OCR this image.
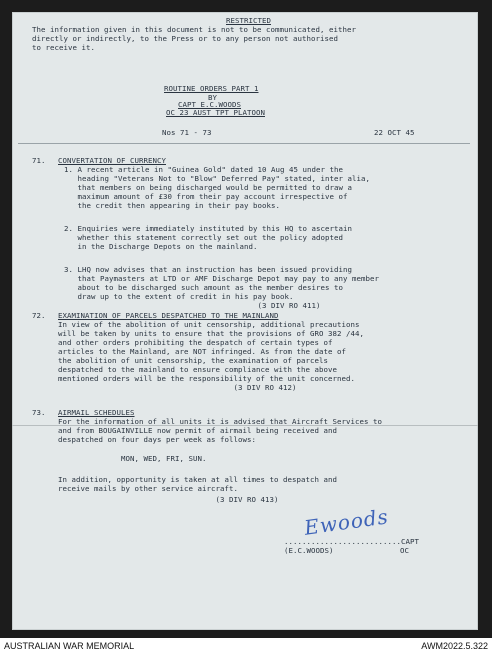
RESTRICTED
The information given in this document is not to be communicated, either
directly or indirectly, to the Press or to any person not authorised
to receive it.
ROUTINE ORDERS PART 1
BY
CAPT E.C.WOODS
OC 23 AUST TPT PLATOON
Nos 71 - 73	22 OCT 45
71. CONVERTATION OF CURRENCY
1. A recent article in "Guinea Gold" dated 10 Aug 45 under the
heading "Veterans Not to "Blow" Deferred Pay" stated, inter alia,
that members on being discharged would be permitted to draw a
maximum amount of £30 from their pay account irrespective of
the credit then appearing in their pay books.
2. Enquiries were immediately instituted by this HQ to ascertain
whether this statement correctly set out the policy adopted
in the Discharge Depots on the mainland.
3. LHQ now advises that an instruction has been issued providing
that Paymasters at LTD or AMF Discharge Depot may pay to any member
about to be discharged such amount as the member desires to
draw up to the extent of credit in his pay book.
(3 DIV RO 411)
72. EXAMINATION OF PARCELS DESPATCHED TO THE MAINLAND
In view of the abolition of unit censorship, additional precautions
will be taken by units to ensure that the provisions of GRO 382 /44,
and other orders prohibiting the despatch of certain types of
articles to the Mainland, are NOT infringed. As from the date of
the abolition of unit censorship, the examination of parcels
despatched to the mainland to ensure compliance with the above
mentioned orders will be the responsibility of the unit concerned.
(3 DIV RO 412)
73. AIRMAIL SCHEDULES
For the information of all units it is advised that Aircraft Services to
and from BOUGAINVILLE now permit of airmail being received and
despatched on four days per week as follows:
MON, WED, FRI, SUN.
In addition, opportunity is taken at all times to despatch and
receive mails by other service aircraft.
(3 DIV RO 413)
Ewoods
..........................CAPT
(E.C.WOODS)	OC
AUSTRALIAN WAR MEMORIAL	AWM2022.5.322
